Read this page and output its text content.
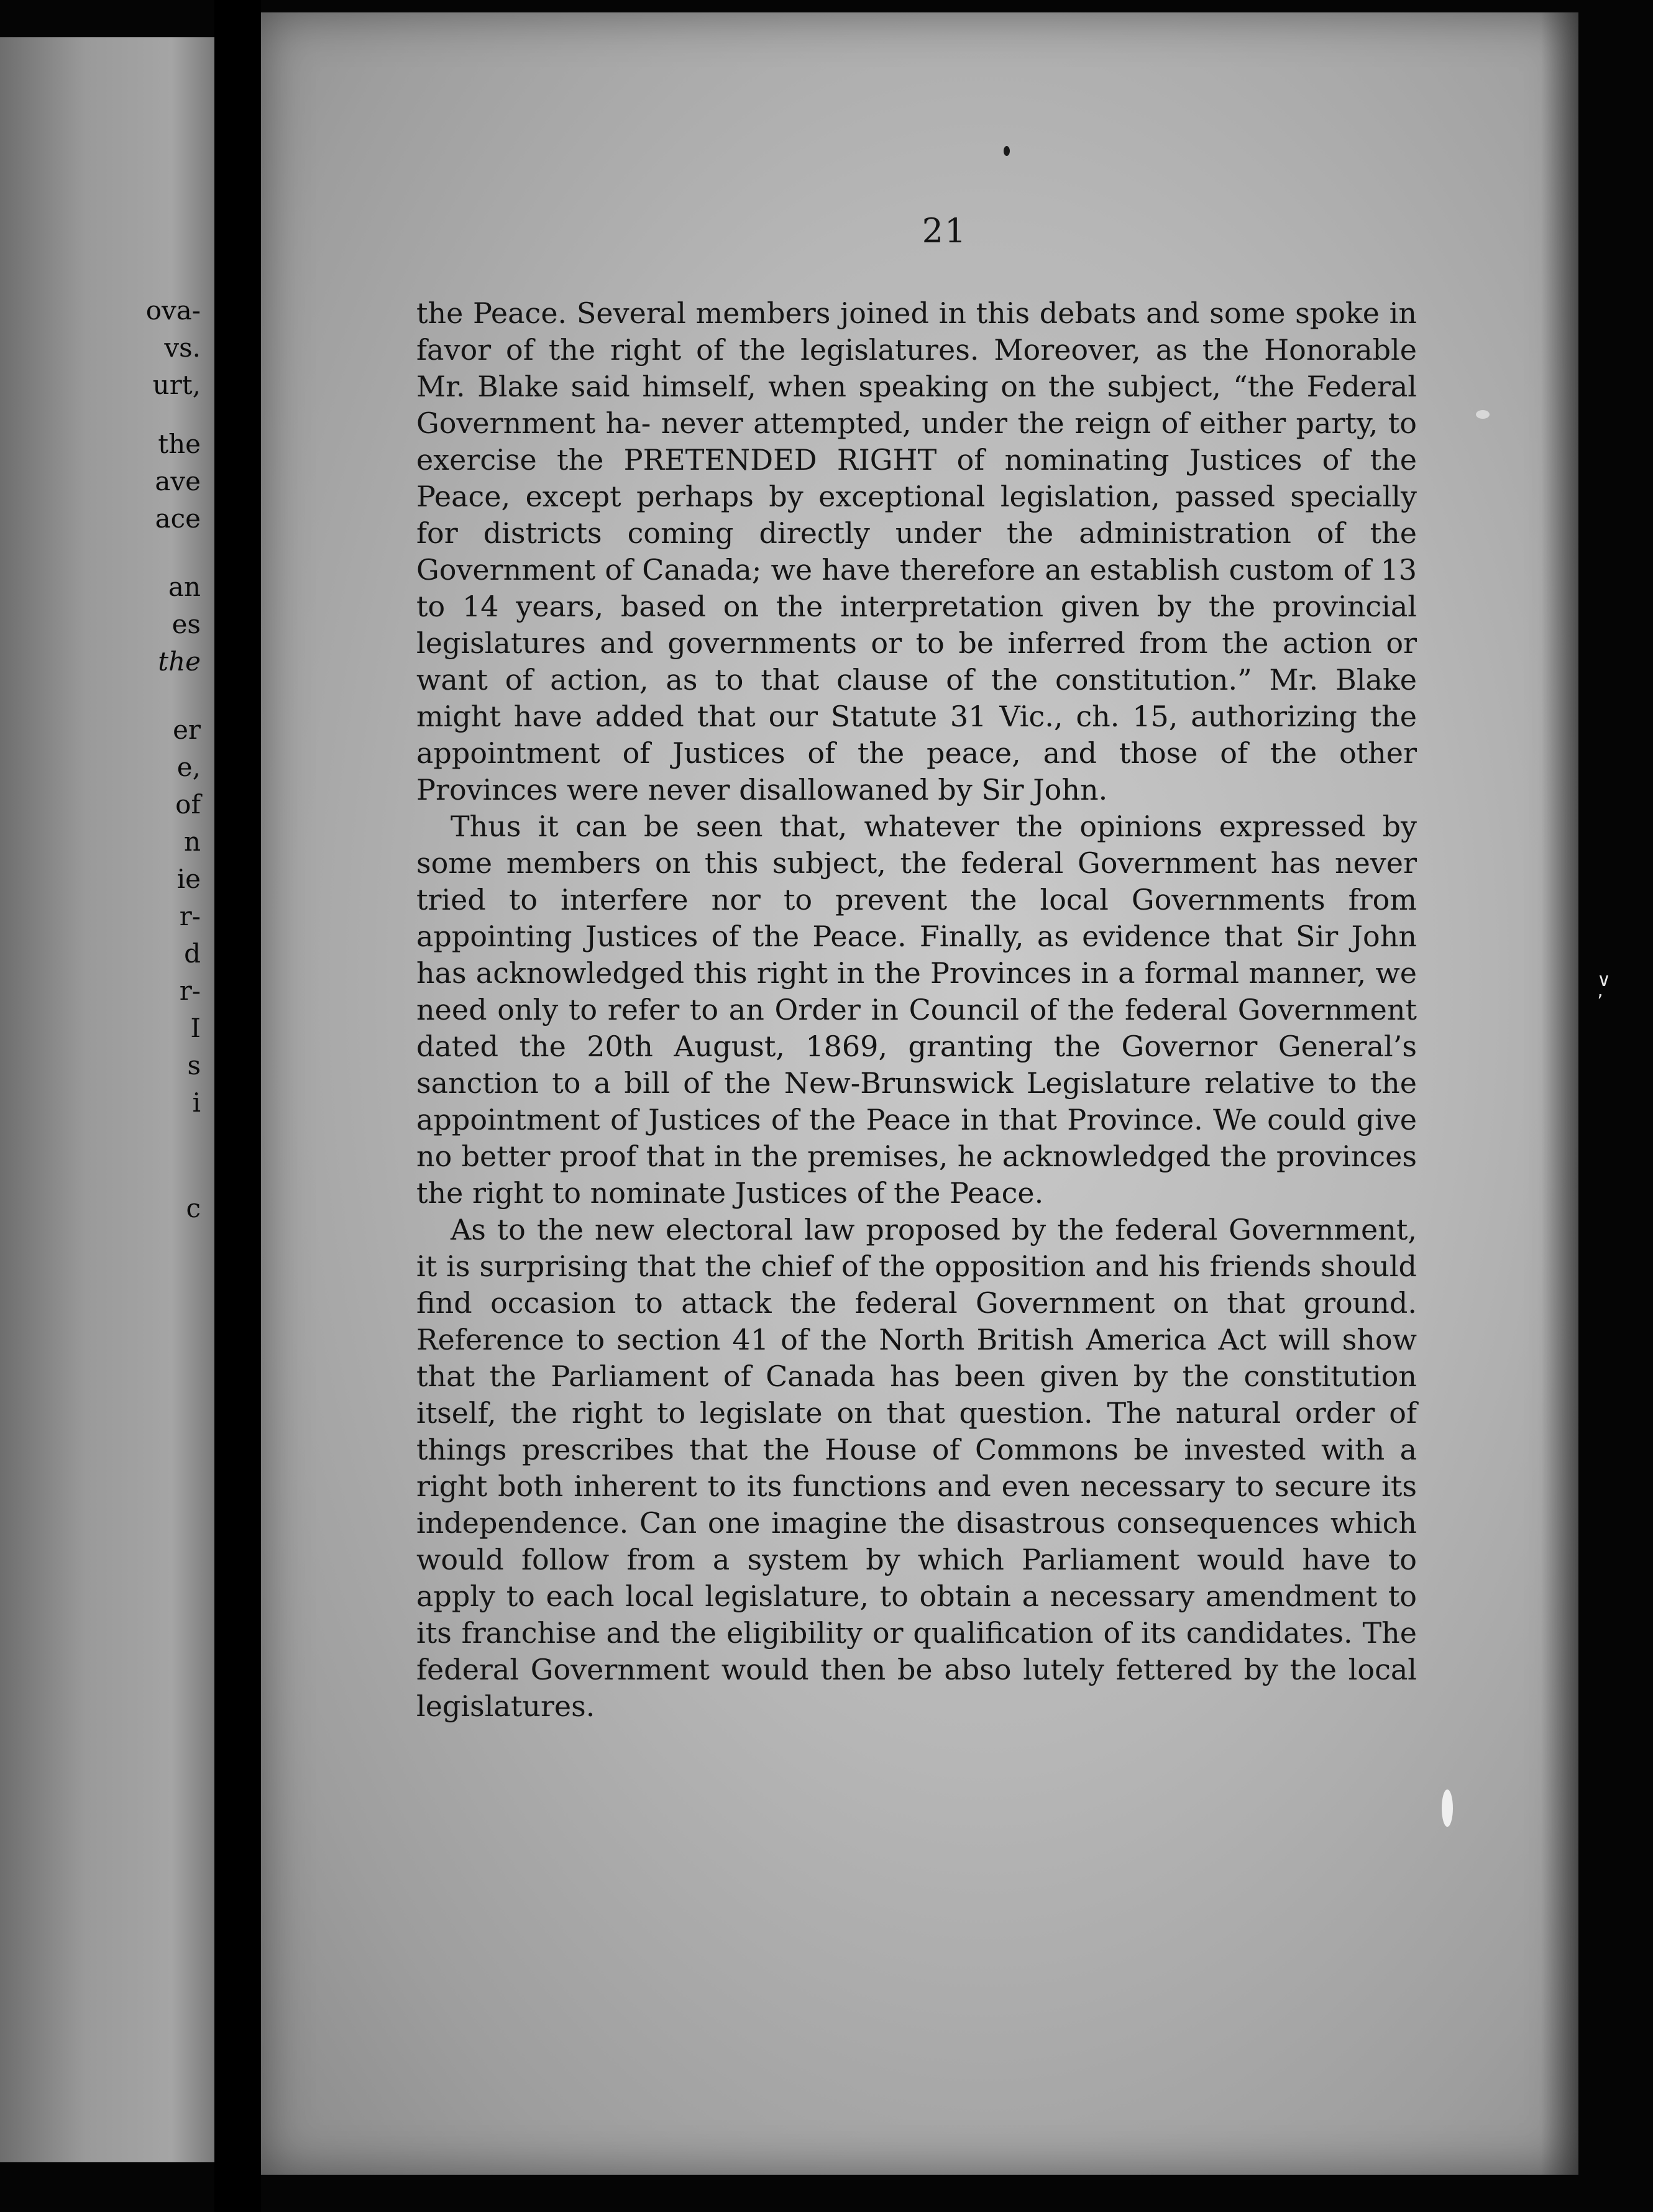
ova-
vs.
urt,
the
ave
ace
an
es
the
er
e,
of
n
ie
r-
d
r-
I
s
i
c
∨ ’
21

the Peace. Several members joined in this debats and some spoke in favor of the right of the legislatures. Moreover, as the Honorable Mr. Blake said himself, when speaking on the subject, “the Federal Government ha‐ never attempted, under the reign of either party, to exercise the PRETENDED RIGHT of nominating Justices of the Peace, except perhaps by exceptional legislation, passed specially for districts coming directly under the administration of the Government of Canada; we have therefore an establish custom of 13 to 14 years, based on the interpretation given by the provincial legislatures and governments or to be inferred from the action or want of action, as to that clause of the constitution.” Mr. Blake might have added that our Statute 31 Vic., ch. 15, authorizing the appointment of Justices of the peace, and those of the other Provinces were never disallowaned by Sir John.

Thus it can be seen that, whatever the opinions expressed by some members on this subject, the federal Government has never tried to interfere nor to prevent the local Governments from appointing Justices of the Peace. Finally, as evidence that Sir John has acknowledged this right in the Provinces in a formal manner, we need only to refer to an Order in Council of the federal Government dated the 20th August, 1869, granting the Governor General’s sanction to a bill of the New-Brunswick Legislature relative to the appointment of Justices of the Peace in that Province. We could give no better proof that in the premises, he acknowledged the provinces the right to nominate Justices of the Peace.

As to the new electoral law proposed by the federal Government, it is surprising that the chief of the opposition and his friends should find occasion to attack the federal Government on that ground. Reference to section 41 of the North British America Act will show that the Parliament of Canada has been given by the constitution itself, the right to legislate on that question. The natural order of things prescribes that the House of Commons be invested with a right both inherent to its functions and even necessary to secure its independence. Can one imagine the disastrous consequences which would follow from a system by which Parliament would have to apply to each local legislature, to obtain a necessary amendment to its franchise and the eligibility or qualification of its candidates. The federal Government would then be abso lutely fettered by the local legislatures.
